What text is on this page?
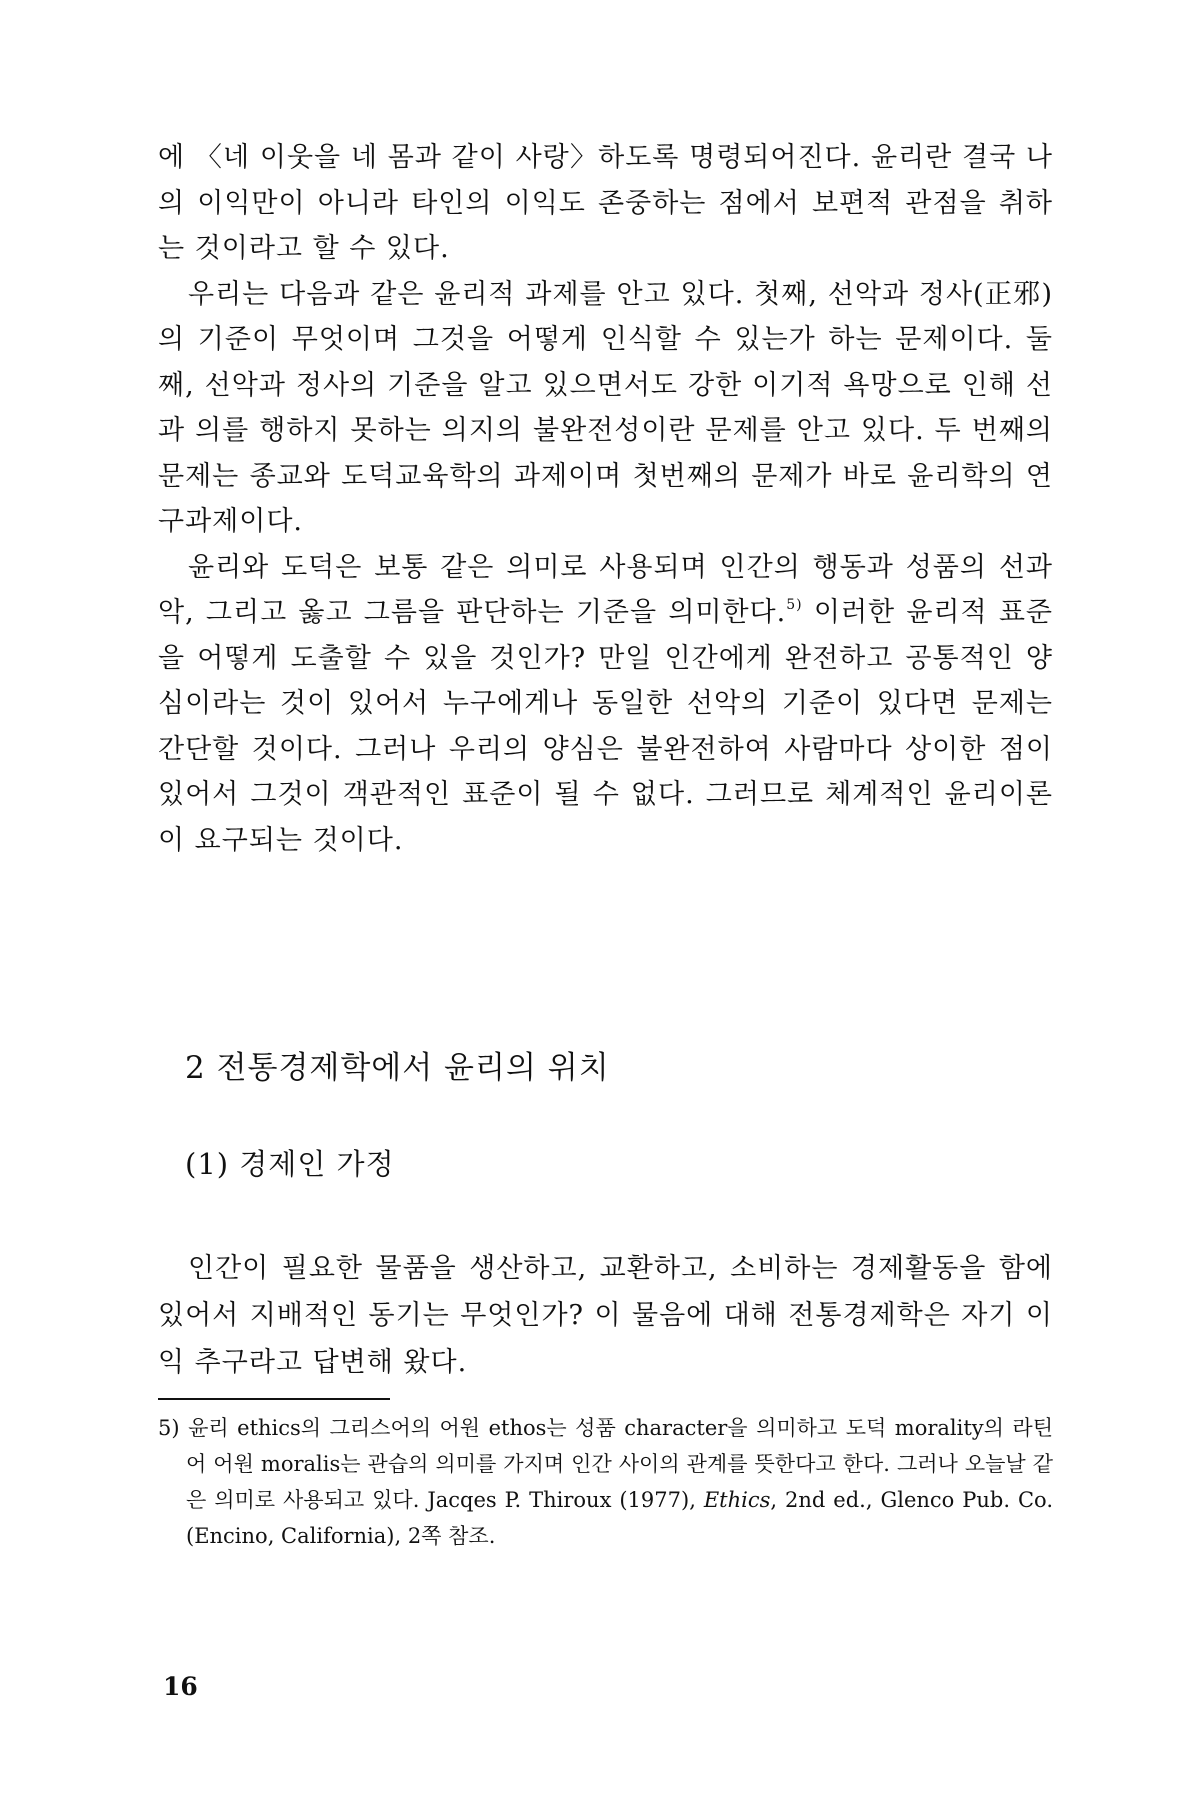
에 〈네 이웃을 네 몸과 같이 사랑〉하도록 명령되어진다. 윤리란 결국 나의 이익만이 아니라 타인의 이익도 존중하는 점에서 보편적 관점을 취하는 것이라고 할 수 있다.

우리는 다음과 같은 윤리적 과제를 안고 있다. 첫째, 선악과 정사(正邪)의 기준이 무엇이며 그것을 어떻게 인식할 수 있는가 하는 문제이다. 둘째, 선악과 정사의 기준을 알고 있으면서도 강한 이기적 욕망으로 인해 선과 의를 행하지 못하는 의지의 불완전성이란 문제를 안고 있다. 두 번째의 문제는 종교와 도덕교육학의 과제이며 첫번째의 문제가 바로 윤리학의 연구과제이다.

윤리와 도덕은 보통 같은 의미로 사용되며 인간의 행동과 성품의 선과 악, 그리고 옳고 그름을 판단하는 기준을 의미한다.$^{5)}$ 이러한 윤리적 표준을 어떻게 도출할 수 있을 것인가? 만일 인간에게 완전하고 공통적인 양심이라는 것이 있어서 누구에게나 동일한 선악의 기준이 있다면 문제는 간단할 것이다. 그러나 우리의 양심은 불완전하여 사람마다 상이한 점이 있어서 그것이 객관적인 표준이 될 수 없다. 그러므로 체계적인 윤리이론이 요구되는 것이다.

2 전통경제학에서 윤리의 위치
(1) 경제인 가정

인간이 필요한 물품을 생산하고, 교환하고, 소비하는 경제활동을 함에 있어서 지배적인 동기는 무엇인가? 이 물음에 대해 전통경제학은 자기 이익 추구라고 답변해 왔다.

5) 윤리 ethics의 그리스어의 어원 ethos는 성품 character을 의미하고 도덕 morality의 라틴어 어원 moralis는 관습의 의미를 가지며 인간 사이의 관계를 뜻한다고 한다. 그러나 오늘날 같은 의미로 사용되고 있다. Jacqes P. Thiroux (1977), Ethics, 2nd ed., Glenco Pub. Co.(Encino, California), 2쪽 참조.
16
